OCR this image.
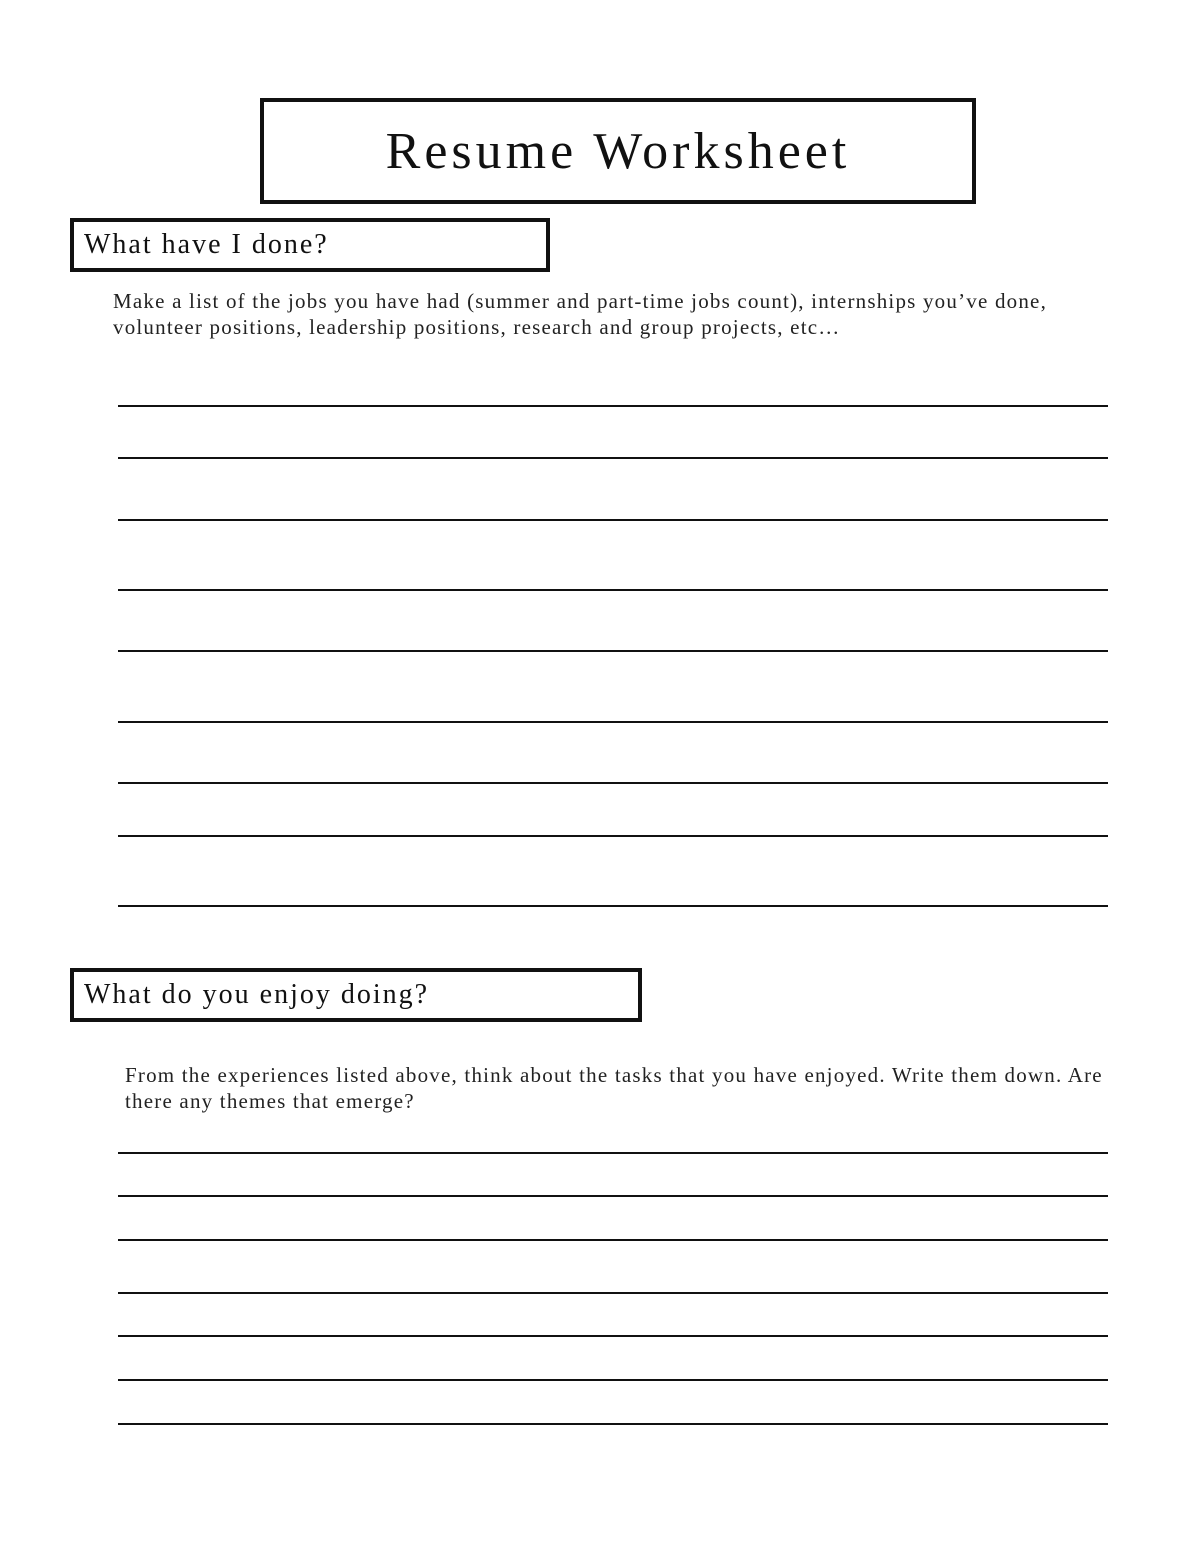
Resume Worksheet
What have I done?
Make a list of the jobs you have had (summer and part-time jobs count), internships you’ve done, volunteer positions, leadership positions, research and group projects, etc…
What do you enjoy doing?
From the experiences listed above, think about the tasks that you have enjoyed. Write them down. Are there any themes that emerge?
